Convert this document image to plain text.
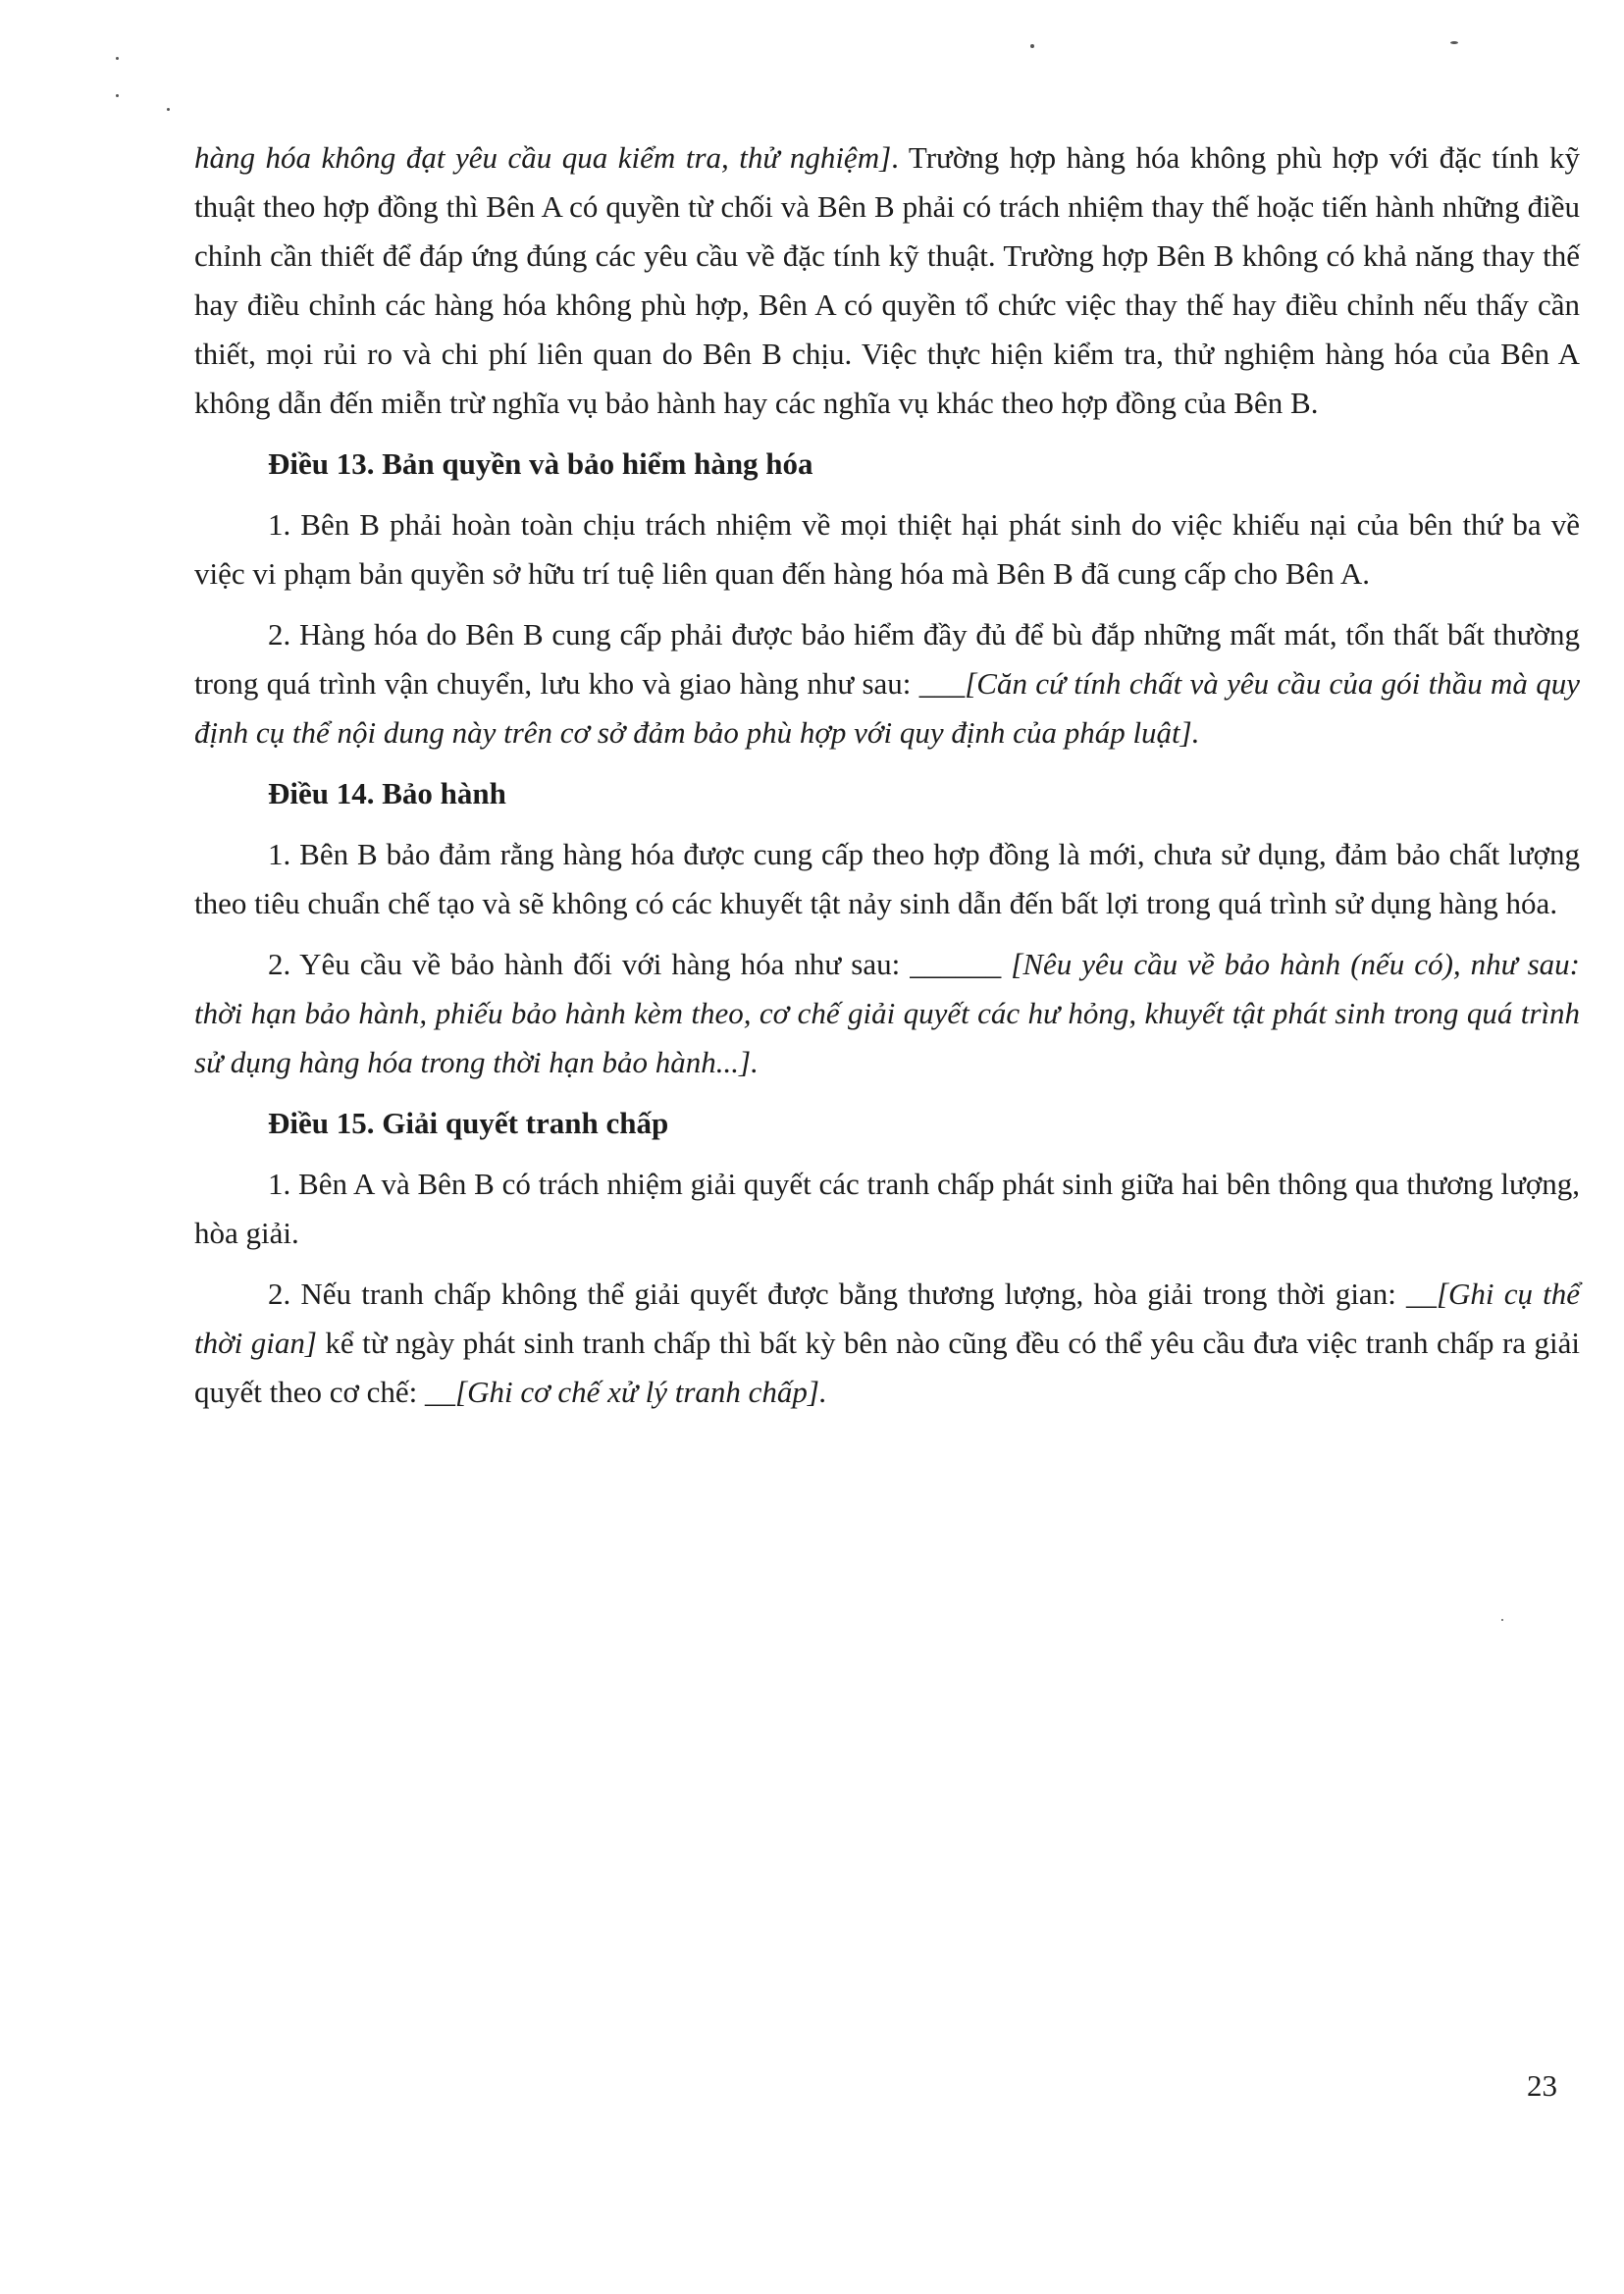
hàng hóa không đạt yêu cầu qua kiểm tra, thử nghiệm]. Trường hợp hàng hóa không phù hợp với đặc tính kỹ thuật theo hợp đồng thì Bên A có quyền từ chối và Bên B phải có trách nhiệm thay thế hoặc tiến hành những điều chỉnh cần thiết để đáp ứng đúng các yêu cầu về đặc tính kỹ thuật. Trường hợp Bên B không có khả năng thay thế hay điều chỉnh các hàng hóa không phù hợp, Bên A có quyền tổ chức việc thay thế hay điều chỉnh nếu thấy cần thiết, mọi rủi ro và chi phí liên quan do Bên B chịu. Việc thực hiện kiểm tra, thử nghiệm hàng hóa của Bên A không dẫn đến miễn trừ nghĩa vụ bảo hành hay các nghĩa vụ khác theo hợp đồng của Bên B.

Điều 13. Bản quyền và bảo hiểm hàng hóa

1. Bên B phải hoàn toàn chịu trách nhiệm về mọi thiệt hại phát sinh do việc khiếu nại của bên thứ ba về việc vi phạm bản quyền sở hữu trí tuệ liên quan đến hàng hóa mà Bên B đã cung cấp cho Bên A.

2. Hàng hóa do Bên B cung cấp phải được bảo hiểm đầy đủ để bù đắp những mất mát, tổn thất bất thường trong quá trình vận chuyển, lưu kho và giao hàng như sau: ___[Căn cứ tính chất và yêu cầu của gói thầu mà quy định cụ thể nội dung này trên cơ sở đảm bảo phù hợp với quy định của pháp luật].

Điều 14. Bảo hành

1. Bên B bảo đảm rằng hàng hóa được cung cấp theo hợp đồng là mới, chưa sử dụng, đảm bảo chất lượng theo tiêu chuẩn chế tạo và sẽ không có các khuyết tật nảy sinh dẫn đến bất lợi trong quá trình sử dụng hàng hóa.

2. Yêu cầu về bảo hành đối với hàng hóa như sau: ______ [Nêu yêu cầu về bảo hành (nếu có), như sau: thời hạn bảo hành, phiếu bảo hành kèm theo, cơ chế giải quyết các hư hỏng, khuyết tật phát sinh trong quá trình sử dụng hàng hóa trong thời hạn bảo hành...].

Điều 15. Giải quyết tranh chấp

1. Bên A và Bên B có trách nhiệm giải quyết các tranh chấp phát sinh giữa hai bên thông qua thương lượng, hòa giải.

2. Nếu tranh chấp không thể giải quyết được bằng thương lượng, hòa giải trong thời gian: __[Ghi cụ thể thời gian] kể từ ngày phát sinh tranh chấp thì bất kỳ bên nào cũng đều có thể yêu cầu đưa việc tranh chấp ra giải quyết theo cơ chế: __[Ghi cơ chế xử lý tranh chấp].

23
